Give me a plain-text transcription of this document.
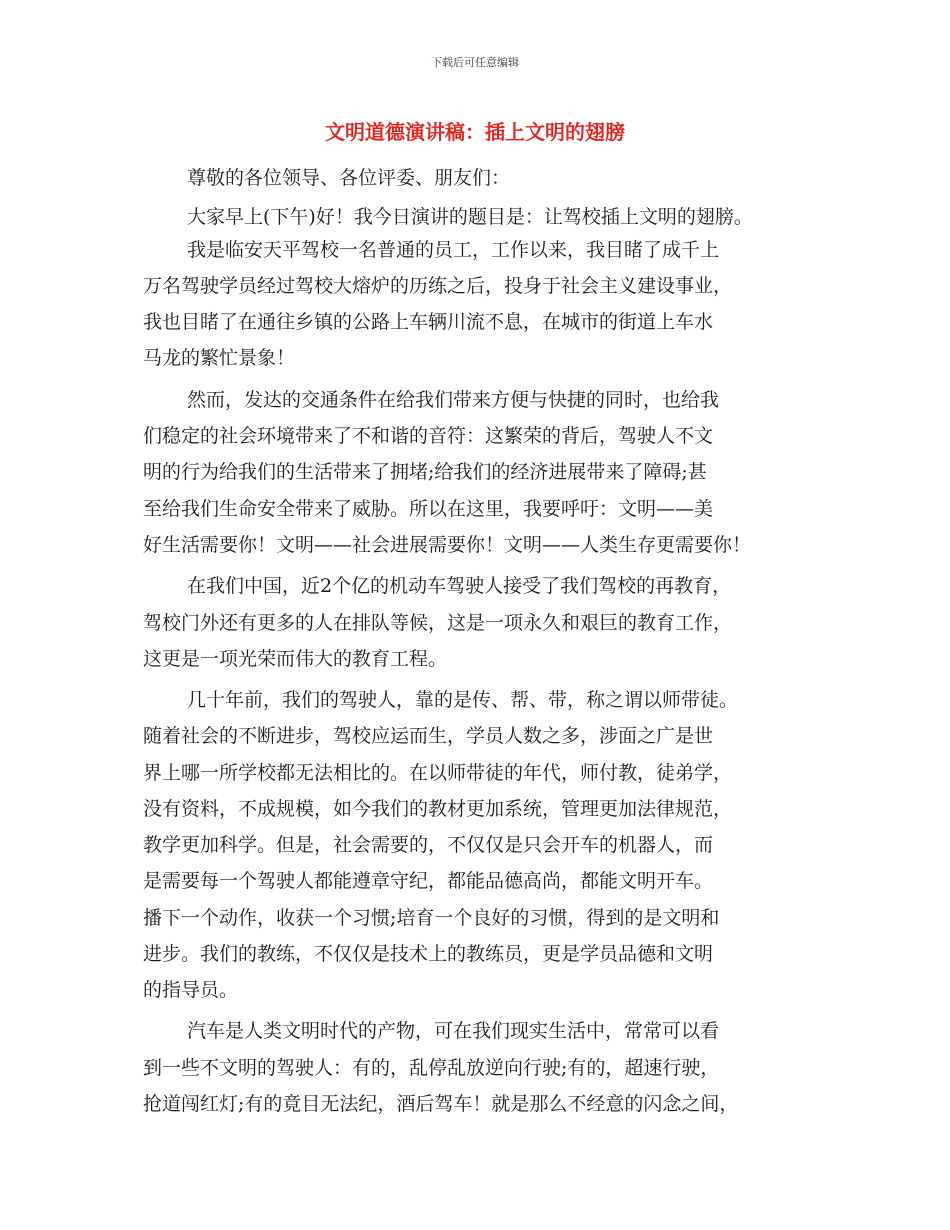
下载后可任意编辑
文明道德演讲稿：插上文明的翅膀
尊敬的各位领导、各位评委、朋友们：
大家早上(下午)好！我今日演讲的题目是：让驾校插上文明的翅膀。
我是临安天平驾校一名普通的员工，工作以来，我目睹了成千上
万名驾驶学员经过驾校大熔炉的历练之后，投身于社会主义建设事业，
我也目睹了在通往乡镇的公路上车辆川流不息，在城市的街道上车水
马龙的繁忙景象！
然而，发达的交通条件在给我们带来方便与快捷的同时，也给我
们稳定的社会环境带来了不和谐的音符：这繁荣的背后，驾驶人不文
明的行为给我们的生活带来了拥堵;给我们的经济进展带来了障碍;甚
至给我们生命安全带来了威胁。所以在这里，我要呼吁：文明——美
好生活需要你！文明——社会进展需要你！文明——人类生存更需要你！
在我们中国，近2个亿的机动车驾驶人接受了我们驾校的再教育，
驾校门外还有更多的人在排队等候，这是一项永久和艰巨的教育工作，
这更是一项光荣而伟大的教育工程。
几十年前，我们的驾驶人，靠的是传、帮、带，称之谓以师带徒。
随着社会的不断进步，驾校应运而生，学员人数之多，涉面之广是世
界上哪一所学校都无法相比的。在以师带徒的年代，师付教，徒弟学，
没有资料，不成规模，如今我们的教材更加系统，管理更加法律规范，
教学更加科学。但是，社会需要的，不仅仅是只会开车的机器人，而
是需要每一个驾驶人都能遵章守纪，都能品德高尚，都能文明开车。
播下一个动作，收获一个习惯;培育一个良好的习惯，得到的是文明和
进步。我们的教练，不仅仅是技术上的教练员，更是学员品德和文明
的指导员。
汽车是人类文明时代的产物，可在我们现实生活中，常常可以看
到一些不文明的驾驶人：有的，乱停乱放逆向行驶;有的，超速行驶，
抢道闯红灯;有的竟目无法纪，酒后驾车！就是那么不经意的闪念之间，
